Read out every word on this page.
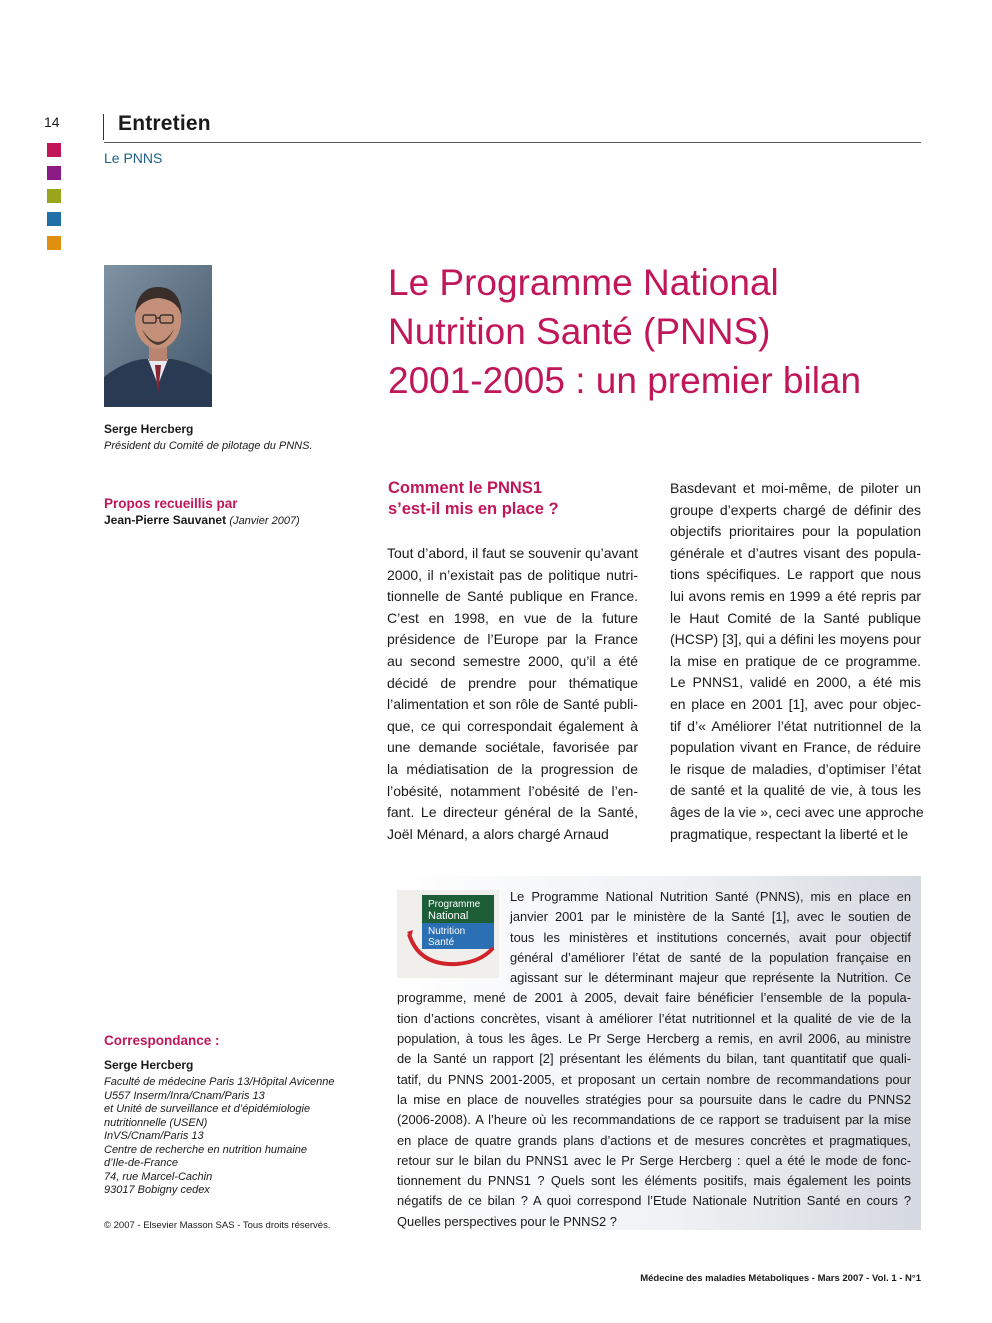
14	Entretien
Le PNNS
Serge Hercberg
Président du Comité de pilotage du PNNS.
Propos recueillis par
Jean-Pierre Sauvanet (Janvier 2007)
Le Programme National
Nutrition Santé (PNNS)
2001-2005 : un premier bilan
Comment le PNNS1
s’est-il mis en place ?
Tout d’abord, il faut se souvenir qu’avant
2000, il n’existait pas de politique nutri-
tionnelle de Santé publique en France.
C’est en 1998, en vue de la future
présidence de l’Europe par la France
au second semestre 2000, qu’il a été
décidé de prendre pour thématique
l’alimentation et son rôle de Santé publi-
que, ce qui correspondait également à
une demande sociétale, favorisée par
la médiatisation de la progression de
l’obésité, notamment l’obésité de l’en-
fant. Le directeur général de la Santé,
Joël Ménard, a alors chargé Arnaud
Basdevant et moi-même, de piloter un
groupe d’experts chargé de définir des
objectifs prioritaires pour la population
générale et d’autres visant des popula-
tions spécifiques. Le rapport que nous
lui avons remis en 1999 a été repris par
le Haut Comité de la Santé publique
(HCSP) [3], qui a défini les moyens pour
la mise en pratique de ce programme.
Le PNNS1, validé en 2000, a été mis
en place en 2001 [1], avec pour objec-
tif d’« Améliorer l’état nutritionnel de la
population vivant en France, de réduire
le risque de maladies, d’optimiser l’état
de santé et la qualité de vie, à tous les
âges de la vie », ceci avec une approche
pragmatique, respectant la liberté et le
Programme
National
Nutrition
Santé
Le Programme National Nutrition Santé (PNNS), mis en place en
janvier 2001 par le ministère de la Santé [1], avec le soutien de
tous les ministères et institutions concernés, avait pour objectif
général d’améliorer l’état de santé de la population française en
agissant sur le déterminant majeur que représente la Nutrition. Ce
programme, mené de 2001 à 2005, devait faire bénéficier l’ensemble de la popula-
tion d’actions concrètes, visant à améliorer l’état nutritionnel et la qualité de vie de la
population, à tous les âges. Le Pr Serge Hercberg a remis, en avril 2006, au ministre
de la Santé un rapport [2] présentant les éléments du bilan, tant quantitatif que quali-
tatif, du PNNS 2001-2005, et proposant un certain nombre de recommandations pour
la mise en place de nouvelles stratégies pour sa poursuite dans le cadre du PNNS2
(2006-2008). A l’heure où les recommandations de ce rapport se traduisent par la mise
en place de quatre grands plans d’actions et de mesures concrètes et pragmatiques,
retour sur le bilan du PNNS1 avec le Pr Serge Hercberg : quel a été le mode de fonc-
tionnement du PNNS1 ? Quels sont les éléments positifs, mais également les points
négatifs de ce bilan ? A quoi correspond l’Etude Nationale Nutrition Santé en cours ?
Quelles perspectives pour le PNNS2 ?
Correspondance :
Serge Hercberg
Faculté de médecine Paris 13/Hôpital Avicenne
U557 Inserm/Inra/Cnam/Paris 13
et Unité de surveillance et d’épidémiologie
nutritionnelle (USEN)
InVS/Cnam/Paris 13
Centre de recherche en nutrition humaine
d’Ile-de-France
74, rue Marcel-Cachin
93017 Bobigny cedex
© 2007 - Elsevier Masson SAS - Tous droits réservés.
Médecine des maladies Métaboliques - Mars 2007 - Vol. 1 - N°1
